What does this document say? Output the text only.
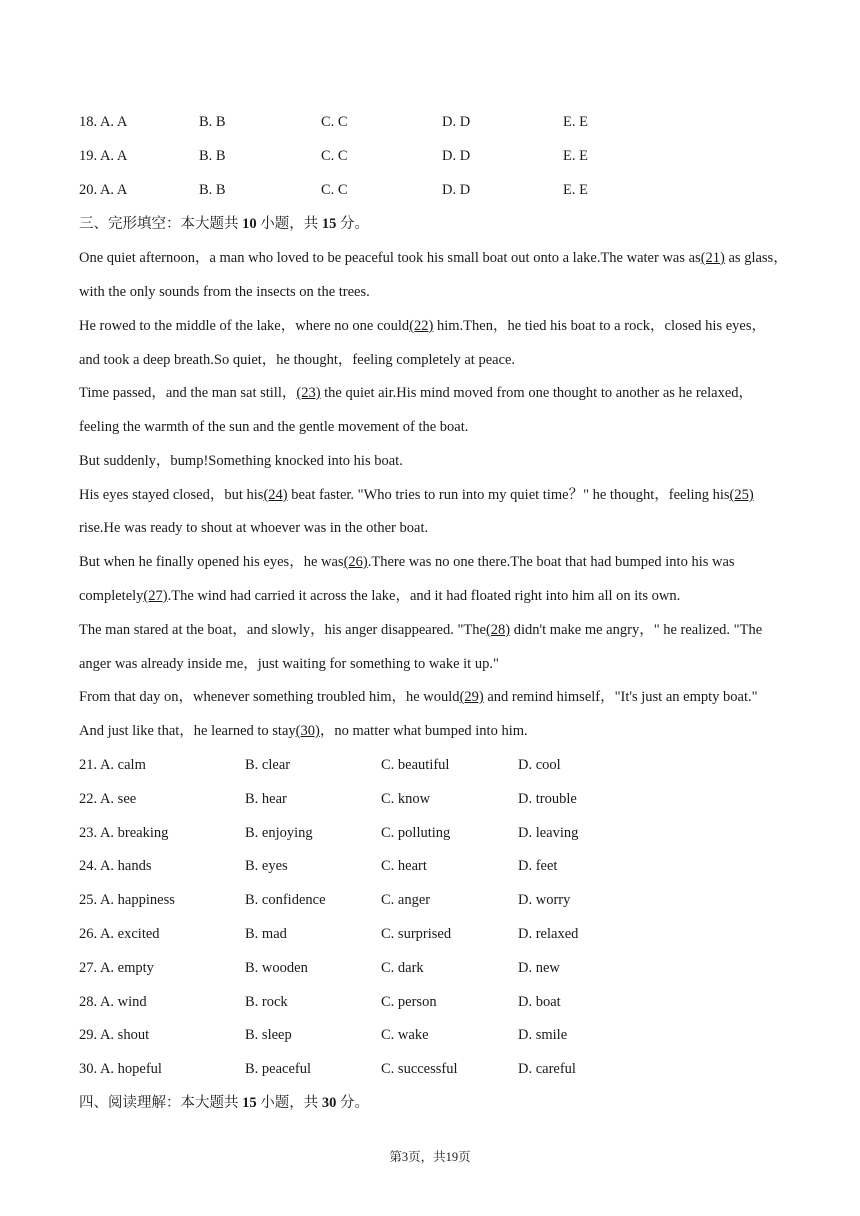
18. A. A	B. B	C. C	D. D	E. E
19. A. A	B. B	C. C	D. D	E. E
20. A. A	B. B	C. C	D. D	E. E
三、完形填空：本大题共 10 小题，共 15 分。
One quiet afternoon，a man who loved to be peaceful took his small boat out onto a lake.The water was as(21) as glass，
with the only sounds from the insects on the trees.
He rowed to the middle of the lake，where no one could(22) him.Then，he tied his boat to a rock，closed his eyes，
and took a deep breath.So quiet，he thought，feeling completely at peace.
Time passed，and the man sat still，(23) the quiet air.His mind moved from one thought to another as he relaxed，
feeling the warmth of the sun and the gentle movement of the boat.
But suddenly，bump!Something knocked into his boat.
His eyes stayed closed，but his(24) beat faster. "Who tries to run into my quiet time？" he thought，feeling his(25)
rise.He was ready to shout at whoever was in the other boat.
But when he finally opened his eyes，he was(26).There was no one there.The boat that had bumped into his was
completely(27).The wind had carried it across the lake，and it had floated right into him all on its own.
The man stared at the boat，and slowly，his anger disappeared. "The(28) didn't make me angry，" he realized. "The
anger was already inside me，just waiting for something to wake it up."
From that day on，whenever something troubled him，he would(29) and remind himself，"It's just an empty boat."
And just like that，he learned to stay(30)，no matter what bumped into him.
21. A. calm	B. clear	C. beautiful	D. cool
22. A. see	B. hear	C. know	D. trouble
23. A. breaking	B. enjoying	C. polluting	D. leaving
24. A. hands	B. eyes	C. heart	D. feet
25. A. happiness	B. confidence	C. anger	D. worry
26. A. excited	B. mad	C. surprised	D. relaxed
27. A. empty	B. wooden	C. dark	D. new
28. A. wind	B. rock	C. person	D. boat
29. A. shout	B. sleep	C. wake	D. smile
30. A. hopeful	B. peaceful	C. successful	D. careful
四、阅读理解：本大题共 15 小题，共 30 分。
第3页，共19页
